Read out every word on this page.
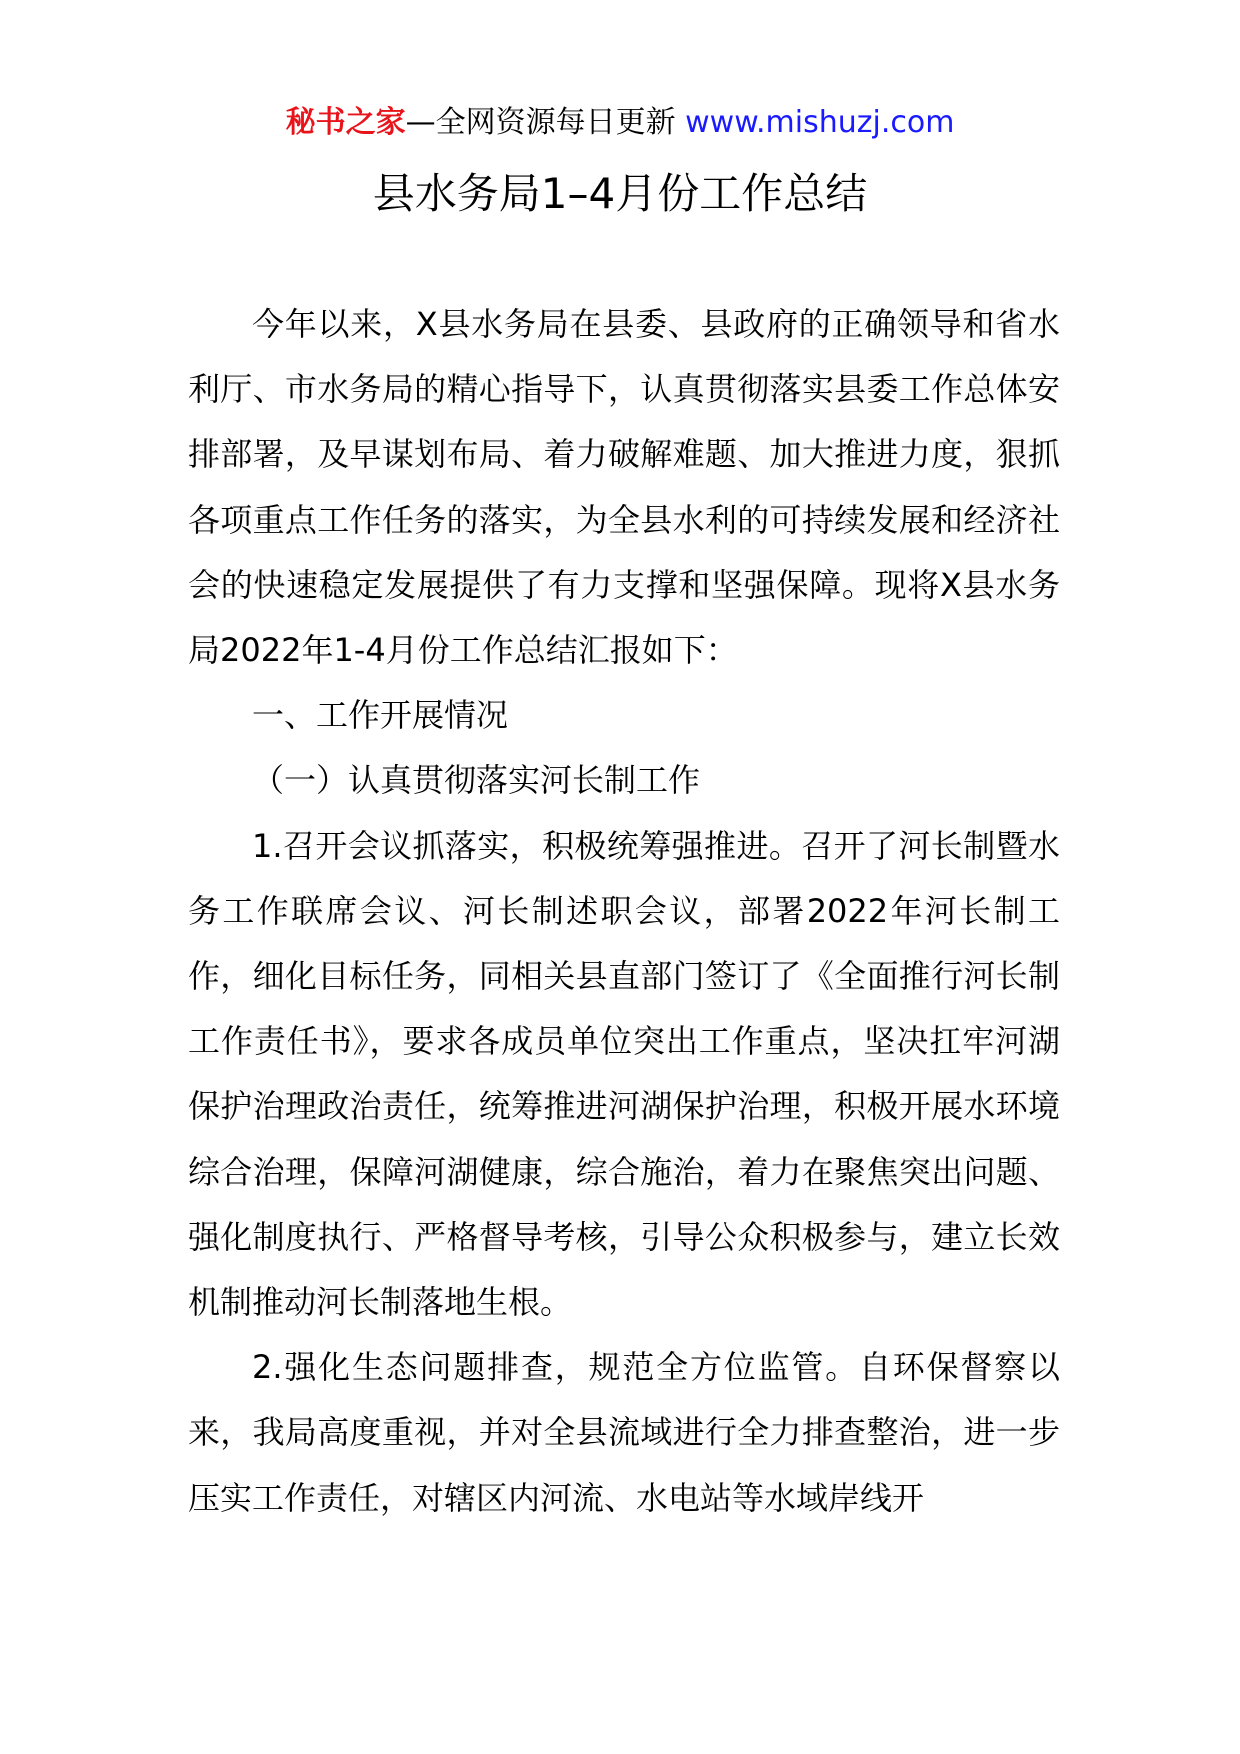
秘书之家—全网资源每日更新 www.mishuzj.com
县水务局1–4月份工作总结

今年以来，X县水务局在县委、县政府的正确领导和省水利厅、市水务局的精心指导下，认真贯彻落实县委工作总体安排部署，及早谋划布局、着力破解难题、加大推进力度，狠抓各项重点工作任务的落实，为全县水利的可持续发展和经济社会的快速稳定发展提供了有力支撑和坚强保障。现将X县水务局2022年1-4月份工作总结汇报如下：

一、工作开展情况

（一）认真贯彻落实河长制工作

1.召开会议抓落实，积极统筹强推进。召开了河长制暨水务工作联席会议、河长制述职会议，部署2022年河长制工作，细化目标任务，同相关县直部门签订了《全面推行河长制工作责任书》，要求各成员单位突出工作重点，坚决扛牢河湖保护治理政治责任，统筹推进河湖保护治理，积极开展水环境综合治理，保障河湖健康，综合施治，着力在聚焦突出问题、强化制度执行、严格督导考核，引导公众积极参与，建立长效机制推动河长制落地生根。

2.强化生态问题排查，规范全方位监管。自环保督察以来，我局高度重视，并对全县流域进行全力排查整治，进一步压实工作责任，对辖区内河流、水电站等水域岸线开
